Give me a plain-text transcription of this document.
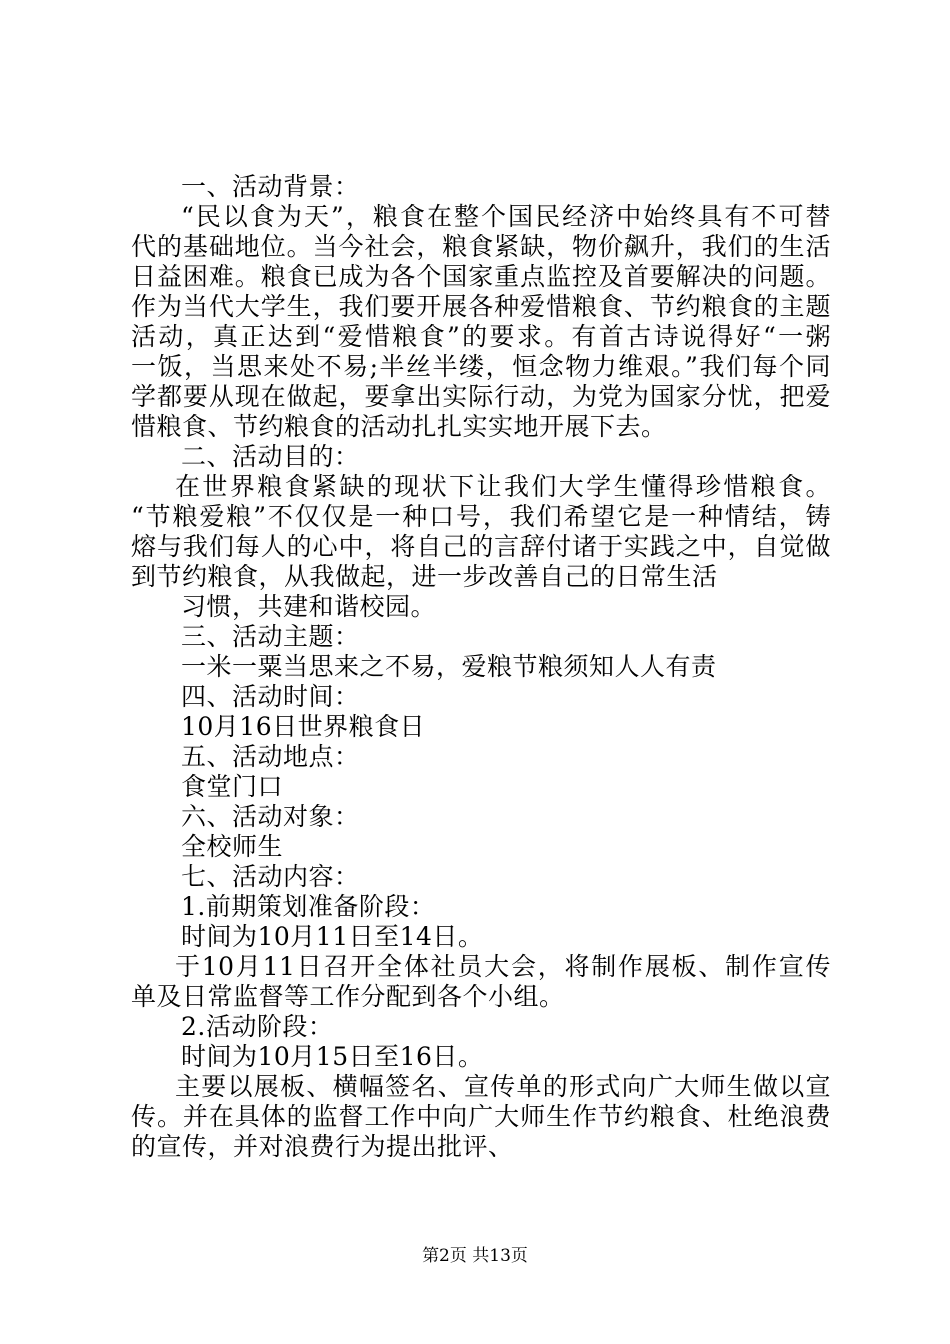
一、活动背景：
“民以食为天”，粮食在整个国民经济中始终具有不可替
代的基础地位。当今社会，粮食紧缺，物价飙升，我们的生活
日益困难。粮食已成为各个国家重点监控及首要解决的问题。
作为当代大学生，我们要开展各种爱惜粮食、节约粮食的主题
活动，真正达到“爱惜粮食”的要求。有首古诗说得好“一粥
一饭，当思来处不易;半丝半缕，恒念物力维艰。”我们每个同
学都要从现在做起，要拿出实际行动，为党为国家分忧，把爱
惜粮食、节约粮食的活动扎扎实实地开展下去。
二、活动目的：
在世界粮食紧缺的现状下让我们大学生懂得珍惜粮食。
“节粮爱粮”不仅仅是一种口号，我们希望它是一种情结，铸
熔与我们每人的心中，将自己的言辞付诸于实践之中，自觉做
到节约粮食，从我做起，进一步改善自己的日常生活
习惯，共建和谐校园。
三、活动主题：
一米一粟当思来之不易，爱粮节粮须知人人有责
四、活动时间：
10月16日世界粮食日
五、活动地点：
食堂门口
六、活动对象：
全校师生
七、活动内容：
1.前期策划准备阶段：
时间为10月11日至14日。
于10月11日召开全体社员大会，将制作展板、制作宣传
单及日常监督等工作分配到各个小组。
2.活动阶段：
时间为10月15日至16日。
主要以展板、横幅签名、宣传单的形式向广大师生做以宣
传。并在具体的监督工作中向广大师生作节约粮食、杜绝浪费
的宣传，并对浪费行为提出批评、
第2页 共13页
